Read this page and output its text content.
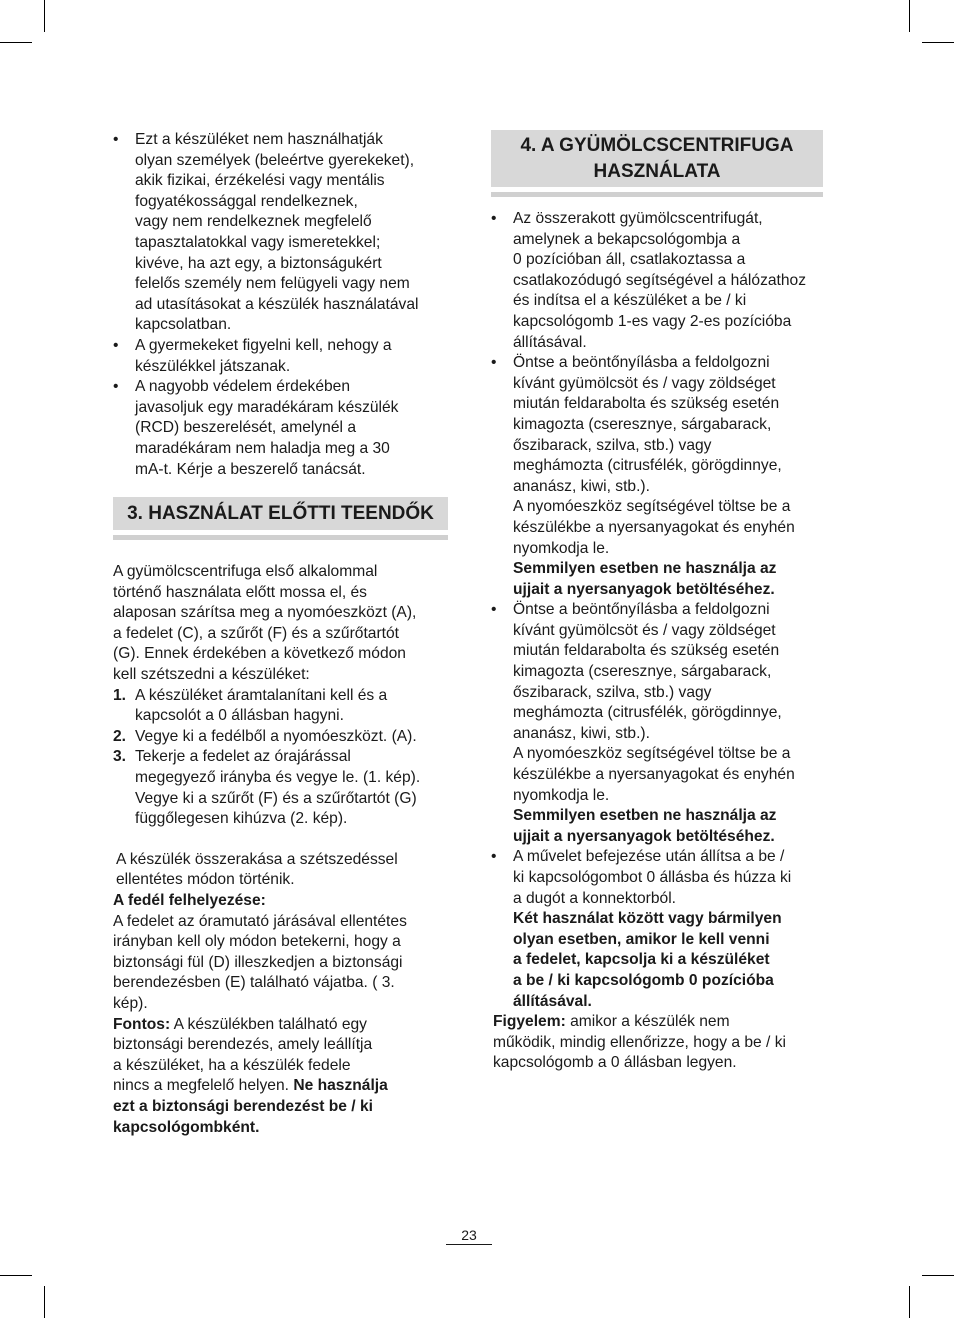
• Ezt a készüléket nem használhatják
olyan személyek (beleértve gyerekeket),
akik fizikai, érzékelési vagy mentális
fogyatékossággal rendelkeznek,
vagy nem rendelkeznek megfelelő
tapasztalatokkal vagy ismeretekkel;
kivéve, ha azt egy, a biztonságukért
felelős személy nem felügyeli vagy nem
ad utasításokat a készülék használatával
kapcsolatban.
• A gyermekeket figyelni kell, nehogy a
készülékkel játszanak.
• A nagyobb védelem érdekében
javasoljuk egy maradékáram készülék
(RCD) beszerelését, amelynél a
maradékáram nem haladja meg a 30
mA-t. Kérje a beszerelő tanácsát.
3. HASZNÁLAT ELŐTTI TEENDŐK
A gyümölcscentrifuga első alkalommal
történő használata előtt mossa el, és
alaposan szárítsa meg a nyomóeszközt (A),
a fedelet (C), a szűrőt (F) és a szűrőtartót
(G). Ennek érdekében a következő módon
kell szétszedni a készüléket:
1. A készüléket áramtalanítani kell és a
kapcsolót a 0 állásban hagyni.
2. Vegye ki a fedélből a nyomóeszközt. (A).
3. Tekerje a fedelet az órajárással
megegyező irányba és vegye le. (1. kép).
Vegye ki a szűrőt (F) és a szűrőtartót (G)
függőlegesen kihúzva (2. kép).
A készülék összerakása a szétszedéssel
ellentétes módon történik.
A fedél felhelyezése:
A fedelet az óramutató járásával ellentétes
irányban kell oly módon betekerni, hogy a
biztonsági fül (D) illeszkedjen a biztonsági
berendezésben (E) található vájatba. ( 3.
kép).
Fontos: A készülékben található egy
biztonsági berendezés, amely leállítja
a készüléket, ha a készülék fedele
nincs a megfelelő helyen. Ne használja
ezt a biztonsági berendezést be / ki
kapcsológombként.
4. A GYÜMÖLCSCENTRIFUGA
HASZNÁLATA
• Az összerakott gyümölcscentrifugát,
amelynek a bekapcsológombja a
0 pozícióban áll, csatlakoztassa a
csatlakozódugó segítségével a hálózathoz
és indítsa el a készüléket a be / ki
kapcsológomb 1-es vagy 2-es pozícióba
állításával.
• Öntse a beöntőnyílásba a feldolgozni
kívánt gyümölcsöt és / vagy zöldséget
miután feldarabolta és szükség esetén
kimagozta (cseresznye, sárgabarack,
őszibarack, szilva, stb.) vagy
meghámozta (citrusfélék, görögdinnye,
ananász, kiwi, stb.).
A nyomóeszköz segítségével töltse be a
készülékbe a nyersanyagokat és enyhén
nyomkodja le.
Semmilyen esetben ne használja az
ujjait a nyersanyagok betöltéséhez.
• Öntse a beöntőnyílásba a feldolgozni
kívánt gyümölcsöt és / vagy zöldséget
miután feldarabolta és szükség esetén
kimagozta (cseresznye, sárgabarack,
őszibarack, szilva, stb.) vagy
meghámozta (citrusfélék, görögdinnye,
ananász, kiwi, stb.).
A nyomóeszköz segítségével töltse be a
készülékbe a nyersanyagokat és enyhén
nyomkodja le.
Semmilyen esetben ne használja az
ujjait a nyersanyagok betöltéséhez.
• A művelet befejezése után állítsa a be /
ki kapcsológombot 0 állásba és húzza ki
a dugót a konnektorból.
Két használat között vagy bármilyen
olyan esetben, amikor le kell venni
a fedelet, kapcsolja ki a készüléket
a be / ki kapcsológomb 0 pozícióba
állításával.
Figyelem: amikor a készülék nem
működik, mindig ellenőrizze, hogy a be / ki
kapcsológomb a 0 állásban legyen.
23
